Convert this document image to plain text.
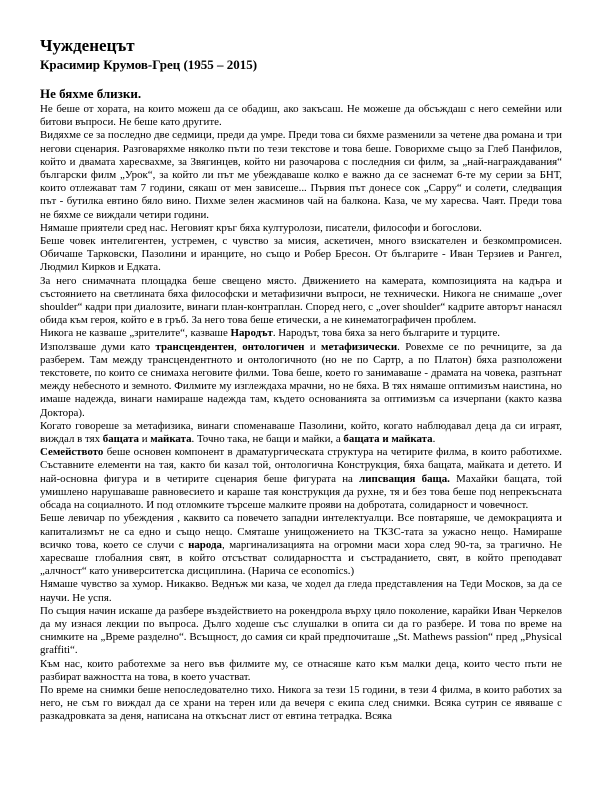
Чужденецът
Красимир Крумов-Грец (1955 – 2015)
Не бяхме близки.

Не беше от хората, на които можеш да се обадиш, ако закъсаш. Не можеше да обсъждаш с него семейни или битови въпроси. Не беше като другите.

Видяхме се за последно две седмици, преди да умре. Преди това си бяхме разменили за четене два романа и три негови сценария. Разговаряхме няколко пъти по тези текстове и това беше. Говорихме също за Глеб Панфилов, който и двамата харесвахме, за Звягинцев, който ни разочарова с последния си филм, за „най-награждавания“ български филм „Урок“, за който ли път ме убеждаваше колко е важно да се заснемат 6-те му серии за БНТ, които отлежават там 7 години, сякаш от мен зависеше... Първия път донесе сок „Сарру“ и солети, следващия път - бутилка евтино бяло вино. Пихме зелен жасминов чай на балкона. Каза, че му харесва. Чаят. Преди това не бяхме се виждали четири години.

Нямаше приятели сред нас. Неговият кръг бяха културолози, писатели, философи и богослови.

Беше човек интелигентен, устремен, с чувство за мисия, аскетичен, много взискателен и безкомпромисен. Обичаше Тарковски, Пазолини и иранците, но също и Робер Бресон. От българите - Иван Терзиев и Рангел, Людмил Кирков и Едката.

За него снимачната площадка беше свещено място. Движението на камерата, композицията на кадъра и състоянието на светлината бяха философски и метафизични въпроси, не технически. Никога не снимаше „over shoulder“ кадри при диалозите, винаги план-контраплан. Според него, с „over shoulder“ кадрите авторът нанасял обида към героя, който е в гръб. За него това беше етически, а не кинематографичен проблем.

Никога не казваше „зрителите“, казваше Народът. Народът, това бяха за него българите и турците.

Използваше думи като трансцендентен, онтологичен и метафизически. Ровехме се по речниците, за да разберем. Там между трансцендентното и онтологичното (но не по Сартр, а по Платон) бяха разположени текстовете, по които се снимаха неговите филми. Това беше, което го занимаваше - драмата на човека, разпънат между небесното и земното. Филмите му изглеждаха мрачни, но не бяха. В тях нямаше оптимизъм наистина, но имаше надежда, винаги намираше надежда там, където основанията за оптимизъм са изчерпани (както казва Доктора).

Когато говореше за метафизика, винаги споменаваше Пазолини, който, когато наблюдавал деца да си играят, виждал в тях бащата и майката. Точно така, не бащи и майки, а бащата и майката.

Семейството беше основен компонент в драматургическата структура на четирите филма, в които работихме. Съставните елементи на тая, както би казал той, онтологична Конструкция, бяха бащата, майката и детето. И най-основна фигура и в четирите сценария беше фигурата на липсващия баща. Махайки бащата, той умишлено нарушаваше равновесието и караше тая конструкция да рухне, тя и без това беше под непрекъсната обсада на социалното. И под отломките търсеше малките прояви на добротата, солидарност и човечност.

Беше левичар по убеждения , каквито са повечето западни интелектуалци. Все повтаряше, че демокрацията и капитализмът не са едно и също нещо. Смяташе унищожението на ТКЗС-тата за ужасно нещо. Намираше всичко това, което се случи с народа, маргинализацията на огромни маси хора след 90-та, за трагично. Не харесваше глобалния свят, в който отсъстват солидарността и състраданието, свят, в който преподават „алчност“ като университетска дисциплина. (Нарича се economics.)

Нямаше чувство за хумор. Никакво. Веднъж ми каза, че ходел да гледа представления на Теди Москов, за да се научи. Не успя.

По същия начин искаше да разбере въздействието на рокендрола върху цяло поколение, карайки Иван Черкелов да му изнася лекции по въпроса. Дълго ходеше със слушалки в опита си да го разбере. И това по време на снимките на „Време разделно“. Всъщност, до самия си край предпочиташе „St. Mathews passion“ пред „Physical graffiti“.

Към нас, които работехме за него във филмите му, се отнасяше като към малки деца, които често пъти не разбират важността на това, в което участват.

По време на снимки беше непоследователно тихо. Никога за тези 15 години, в тези 4 филма, в които работих за него, не съм го виждал да се храни на терен или да вечеря с екипа след снимки. Всяка сутрин се явяваше с разкадровката за деня, написана на откъснат лист от евтина тетрадка. Всяка
